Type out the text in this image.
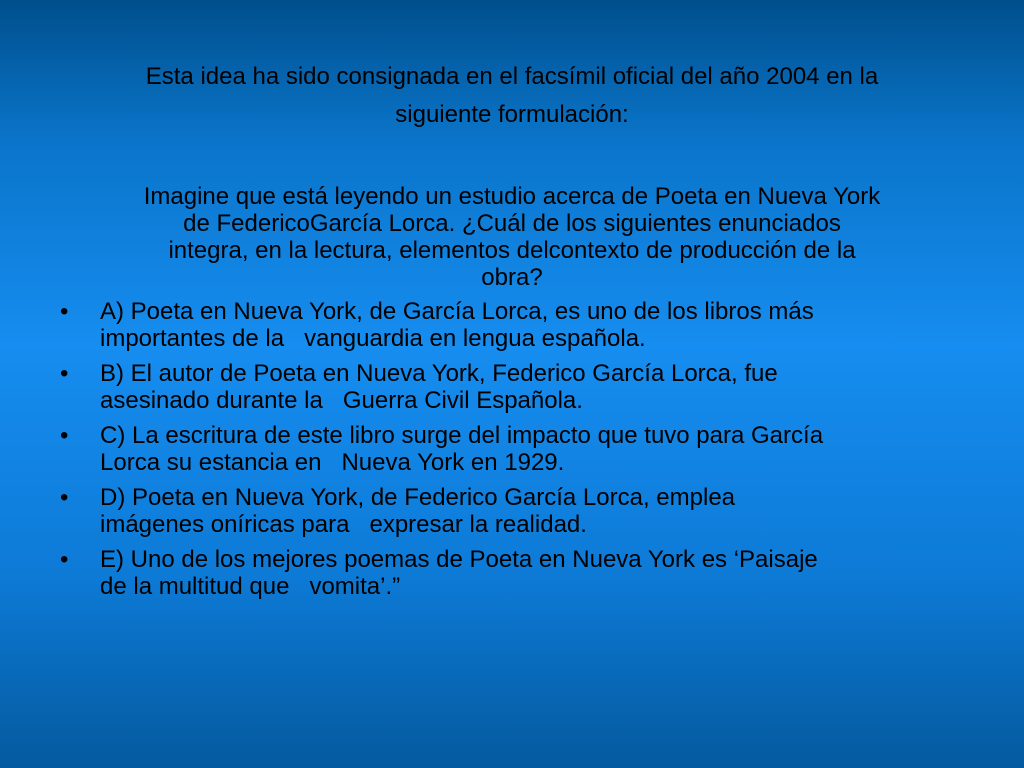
Esta idea ha sido consignada en el facsímil oficial del año 2004 en la
siguiente formulación:
Imagine que está leyendo un estudio acerca de Poeta en Nueva York
de FedericoGarcía Lorca. ¿Cuál de los siguientes enunciados
integra, en la lectura, elementos delcontexto de producción de la
obra?
• A) Poeta en Nueva York, de García Lorca, es uno de los libros más
importantes de la   vanguardia en lengua española.
• B) El autor de Poeta en Nueva York, Federico García Lorca, fue
asesinado durante la   Guerra Civil Española.
• C) La escritura de este libro surge del impacto que tuvo para García
Lorca su estancia en   Nueva York en 1929.
• D) Poeta en Nueva York, de Federico García Lorca, emplea
imágenes oníricas para   expresar la realidad.
• E) Uno de los mejores poemas de Poeta en Nueva York es ‘Paisaje
de la multitud que   vomita’.”
